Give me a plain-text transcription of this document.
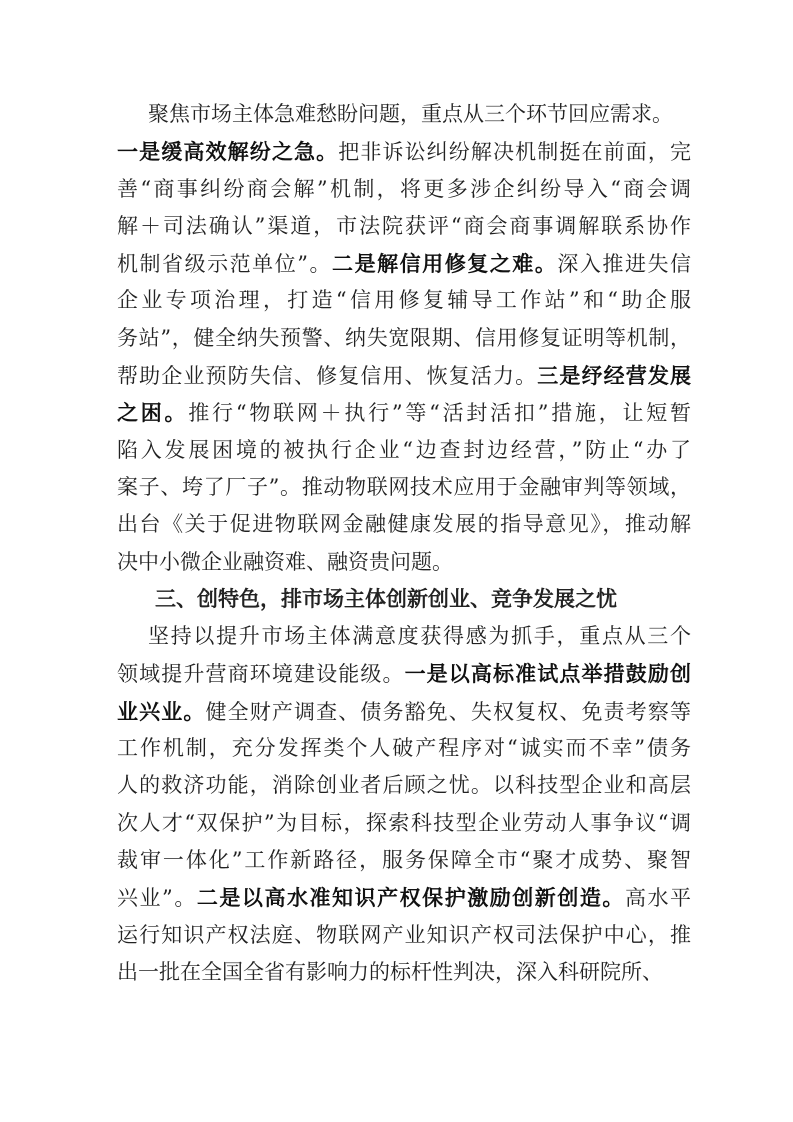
聚焦市场主体急难愁盼问题，重点从三个环节回应需求。
一是缓高效解纷之急。把非诉讼纠纷解决机制挺在前面，完
善“商事纠纷商会解”机制，将更多涉企纠纷导入“商会调
解＋司法确认”渠道，市法院获评“商会商事调解联系协作
机制省级示范单位”。二是解信用修复之难。深入推进失信
企业专项治理，打造“信用修复辅导工作站”和“助企服
务站”，健全纳失预警、纳失宽限期、信用修复证明等机制，
帮助企业预防失信、修复信用、恢复活力。三是纾经营发展
之困。推行“物联网＋执行”等“活封活扣”措施，让短暂
陷入发展困境的被执行企业“边查封边经营，”防止“办了
案子、垮了厂子”。推动物联网技术应用于金融审判等领域，
出台《关于促进物联网金融健康发展的指导意见》，推动解
决中小微企业融资难、融资贵问题。
三、创特色，排市场主体创新创业、竞争发展之忧
坚持以提升市场主体满意度获得感为抓手，重点从三个
领域提升营商环境建设能级。一是以高标准试点举措鼓励创
业兴业。健全财产调查、债务豁免、失权复权、免责考察等
工作机制，充分发挥类个人破产程序对“诚实而不幸”债务
人的救济功能，消除创业者后顾之忧。以科技型企业和高层
次人才“双保护”为目标，探索科技型企业劳动人事争议“调
裁审一体化”工作新路径，服务保障全市“聚才成势、聚智
兴业”。二是以高水准知识产权保护激励创新创造。高水平
运行知识产权法庭、物联网产业知识产权司法保护中心，推
出一批在全国全省有影响力的标杆性判决，深入科研院所、
